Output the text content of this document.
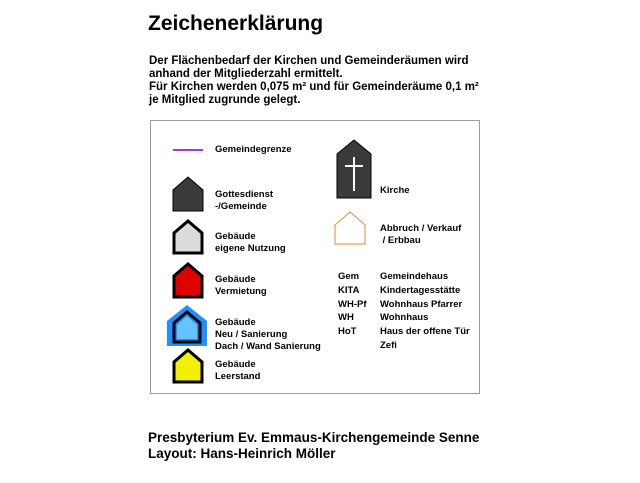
Zeichenerklärung
Der Flächenbedarf der Kirchen und Gemeinderäumen wird
anhand der Mitgliederzahl ermittelt.
Für Kirchen werden 0,075 m² und für Gemeinderäume 0,1 m²
je Mitglied zugrunde gelegt.
Gemeindegrenze
Gottesdienst
-/Gemeinde
Gebäude
eigene Nutzung
Gebäude
Vermietung
Gebäude
Neu / Sanierung
Dach / Wand Sanierung
Gebäude
Leerstand
Kirche
Abbruch / Verkauf
/ Erbbau
Gem Gemeindehaus
KITA Kindertagesstätte
WH-Pf Wohnhaus Pfarrer
WH	Wohnhaus
HoT Haus der offene Tür
Zefi
Presbyterium Ev. Emmaus-Kirchengemeinde Senne
Layout: Hans-Heinrich Möller
